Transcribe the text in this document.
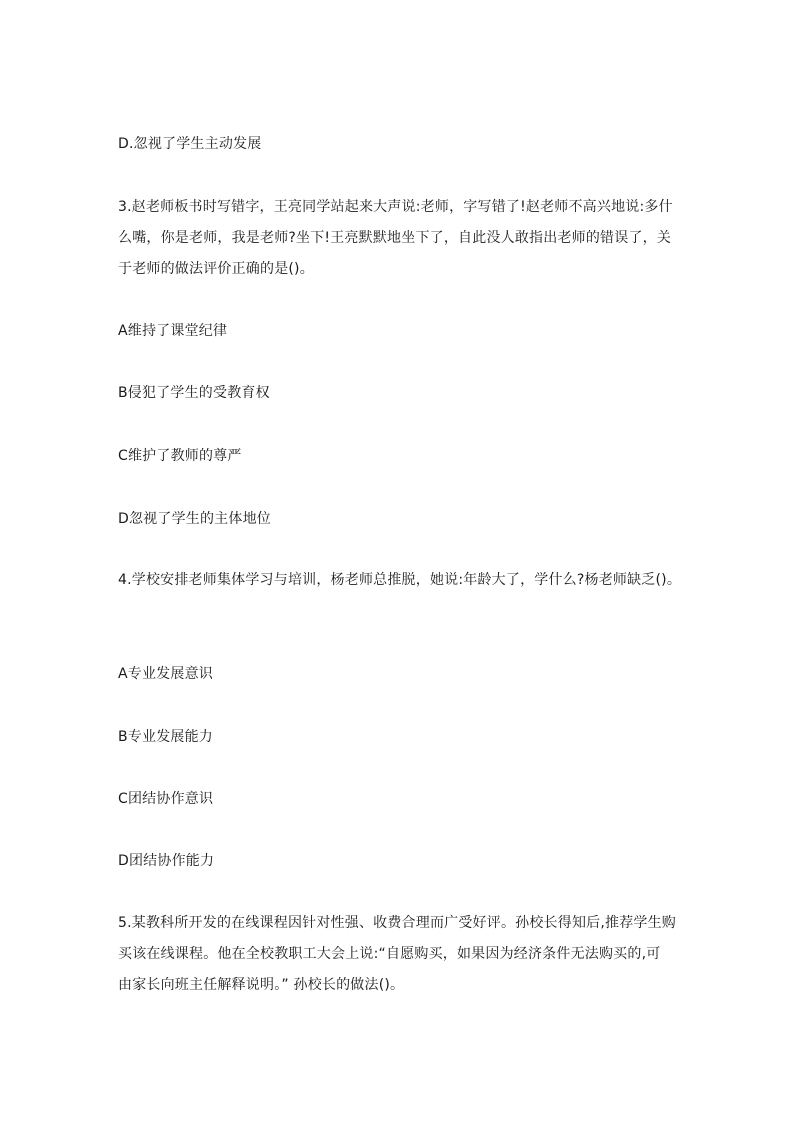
D.忽视了学生主动发展
3.赵老师板书时写错字，王亮同学站起来大声说:老师，字写错了!赵老师不高兴地说:多什
么嘴，你是老师，我是老师?坐下!王亮默默地坐下了，自此没人敢指出老师的错误了，关
于老师的做法评价正确的是()。
A维持了课堂纪律
B侵犯了学生的受教育权
C维护了教师的尊严
D忽视了学生的主体地位
4.学校安排老师集体学习与培训，杨老师总推脱，她说:年龄大了，学什么?杨老师缺乏()。
A专业发展意识
B专业发展能力
C团结协作意识
D团结协作能力
5.某教科所开发的在线课程因针对性强、收费合理而广受好评。孙校长得知后,推荐学生购
买该在线课程。他在全校教职工大会上说:“自愿购买，如果因为经济条件无法购买的,可
由家长向班主任解释说明。” 孙校长的做法()。
